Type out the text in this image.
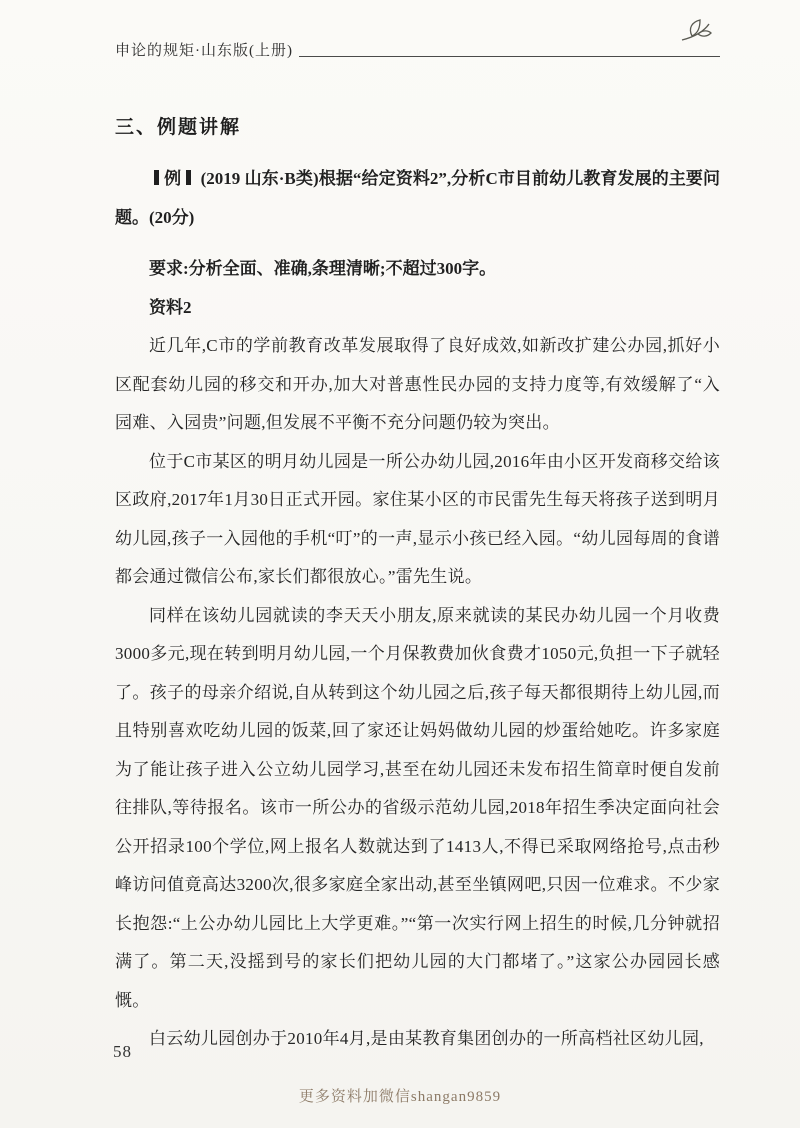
申论的规矩·山东版(上册)
三、例题讲解
例 (2019 山东·B类)根据“给定资料2”,分析C市目前幼儿教育发展的主要问题。(20分)
要求:分析全面、准确,条理清晰;不超过300字。
资料2

近几年,C市的学前教育改革发展取得了良好成效,如新改扩建公办园,抓好小区配套幼儿园的移交和开办,加大对普惠性民办园的支持力度等,有效缓解了“入园难、入园贵”问题,但发展不平衡不充分问题仍较为突出。

位于C市某区的明月幼儿园是一所公办幼儿园,2016年由小区开发商移交给该区政府,2017年1月30日正式开园。家住某小区的市民雷先生每天将孩子送到明月幼儿园,孩子一入园他的手机“叮”的一声,显示小孩已经入园。“幼儿园每周的食谱都会通过微信公布,家长们都很放心。”雷先生说。

同样在该幼儿园就读的李天天小朋友,原来就读的某民办幼儿园一个月收费3000多元,现在转到明月幼儿园,一个月保教费加伙食费才1050元,负担一下子就轻了。孩子的母亲介绍说,自从转到这个幼儿园之后,孩子每天都很期待上幼儿园,而且特别喜欢吃幼儿园的饭菜,回了家还让妈妈做幼儿园的炒蛋给她吃。许多家庭为了能让孩子进入公立幼儿园学习,甚至在幼儿园还未发布招生简章时便自发前往排队,等待报名。该市一所公办的省级示范幼儿园,2018年招生季决定面向社会公开招录100个学位,网上报名人数就达到了1413人,不得已采取网络抢号,点击秒峰访问值竟高达3200次,很多家庭全家出动,甚至坐镇网吧,只因一位难求。不少家长抱怨:“上公办幼儿园比上大学更难。”“第一次实行网上招生的时候,几分钟就招满了。第二天,没摇到号的家长们把幼儿园的大门都堵了。”这家公办园园长感慨。

白云幼儿园创办于2010年4月,是由某教育集团创办的一所高档社区幼儿园,

58
更多资料加微信shangan9859
